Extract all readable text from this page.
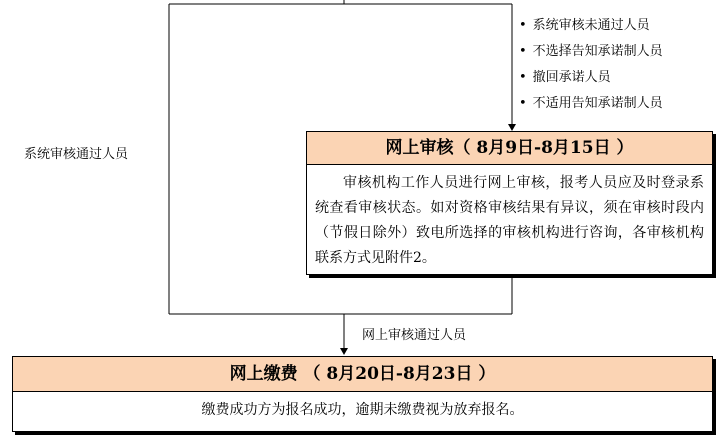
• 系统审核未通过人员
• 不选择告知承诺制人员
• 撤回承诺人员
• 不适用告知承诺制人员
系统审核通过人员
网上审核通过人员
网上审核（ 8月9日-8月15日 ）
审核机构工作人员进行网上审核，报考人员应及时登录系统查看审核状态。如对资格审核结果有异议，须在审核时段内（节假日除外）致电所选择的审核机构进行咨询，各审核机构联系方式见附件2。
网上缴费 （ 8月20日-8月23日 ）
缴费成功方为报名成功，逾期未缴费视为放弃报名。
